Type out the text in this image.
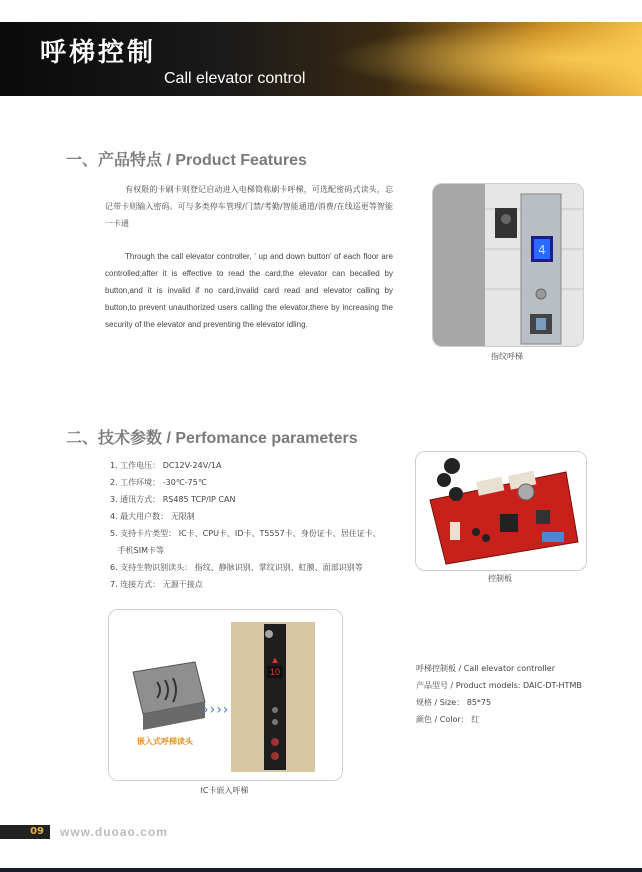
呼梯控制
Call elevator control
一、产品特点 / Product Features
有权限的卡刷卡则登记启动进入电梯简称刷卡呼梯，可选配密码式读头，忘记带卡则输入密码。可与多类停车管理/门禁/考勤/智能通道/消费/在线巡更等智能一卡通
Through the call elevator controller, ‘ up and down button’ of each floor are controlled;after it is effective to read the card,the elevator can becalled by button,and it is invalid if no card,invalid card read and elevator calling by button,to prevent unauthorized users calling the elevator,there by increasing the security of the elevator and preventing the elevator idling.
4
指纹呼梯
二、技术参数 / Perfomance parameters
1. 工作电压： DC12V-24V/1A
2. 工作环境： -30℃-75℃
3. 通讯方式： RS485 TCP/IP CAN
4. 最大用户数： 无限制
5. 支持卡片类型： IC卡、CPU卡、ID卡、T5557卡、身份证卡、居住证卡、
手机SIM卡等
6. 支持生物识别读头： 指纹、静脉识别、掌纹识别、虹膜、面部识别等
7. 连接方式： 无源干接点
控制板
▲
嵌入式呼梯读头
››››
10
IC卡嵌入呼梯
呼梯控制板 / Call elevator controller
产品型号 / Product models: DAIC-DT-HTMB
规格 / Size： 85*75
颜色 / Color： 红
09 www.duoao.com
